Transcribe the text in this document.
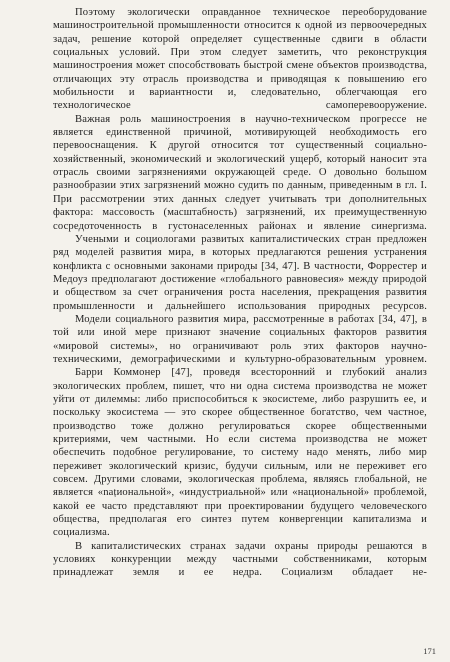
Поэтому экологически оправданное техническое переоборудование машиностроительной промышленности относится к одной из первоочередных задач, решение которой определяет существенные сдвиги в области социальных условий. При этом следует заметить, что реконструкция машиностроения может способствовать быстрой смене объектов производства, отличающих эту отрасль производства и приводящая к повышению его мобильности и вариантности и, следовательно, облегчающая его технологическое самоперевооружение.

Важная роль машиностроения в научно-техническом прогрессе не является единственной причиной, мотивирующей необходимость его перевооснащения. К другой относится тот существенный социально-хозяйственный, экономический и экологический ущерб, который наносит эта отрасль своими загрязнениями окружающей среде. О довольно большом разнообразии этих загрязнений можно судить по данным, приведенным в гл. I. При рассмотрении этих данных следует учитывать три дополнительных фактора: массовость (масштабность) загрязнений, их преимущественную сосредоточенность в густонаселенных районах и явление синергизма.

Учеными и социологами развитых капиталистических стран предложен ряд моделей развития мира, в которых предлагаются решения устранения конфликта с основными законами природы [34, 47]. В частности, Форрестер и Медоуз предполагают достижение «глобального равновесия» между природой и обществом за счет ограничения роста населения, прекращения развития промышленности и дальнейшего использования природных ресурсов.

Модели социального развития мира, рассмотренные в работах [34, 47], в той или иной мере признают значение социальных факторов развития «мировой системы», но ограничивают роль этих факторов научно-техническими, демографическими и культурно-образовательным уровнем.

Барри Коммонер [47], проведя всесторонний и глубокий анализ экологических проблем, пишет, что ни одна система производства не может уйти от дилеммы: либо приспособиться к экосистеме, либо разрушить ее, и поскольку экосистема — это скорее общественное богатство, чем частное, производство тоже должно регулироваться скорее общественными критериями, чем частными. Но если система производства не может обеспечить подобное регулирование, то систему надо менять, либо мир переживет экологический кризис, будучи сильным, или не переживет его совсем. Другими словами, экологическая проблема, являясь глобальной, не является «națиональной», «индустриальной» или «национальной» проблемой, какой ее часто представляют при проектировании будущего человеческого общества, предполагая его синтез путем конвергенции капитализма и социализма.

В капиталистических странах задачи охраны природы решаются в условиях конкуренции между частными собственниками, которым принадлежат земля и ее недра. Социализм обладает не-

171
